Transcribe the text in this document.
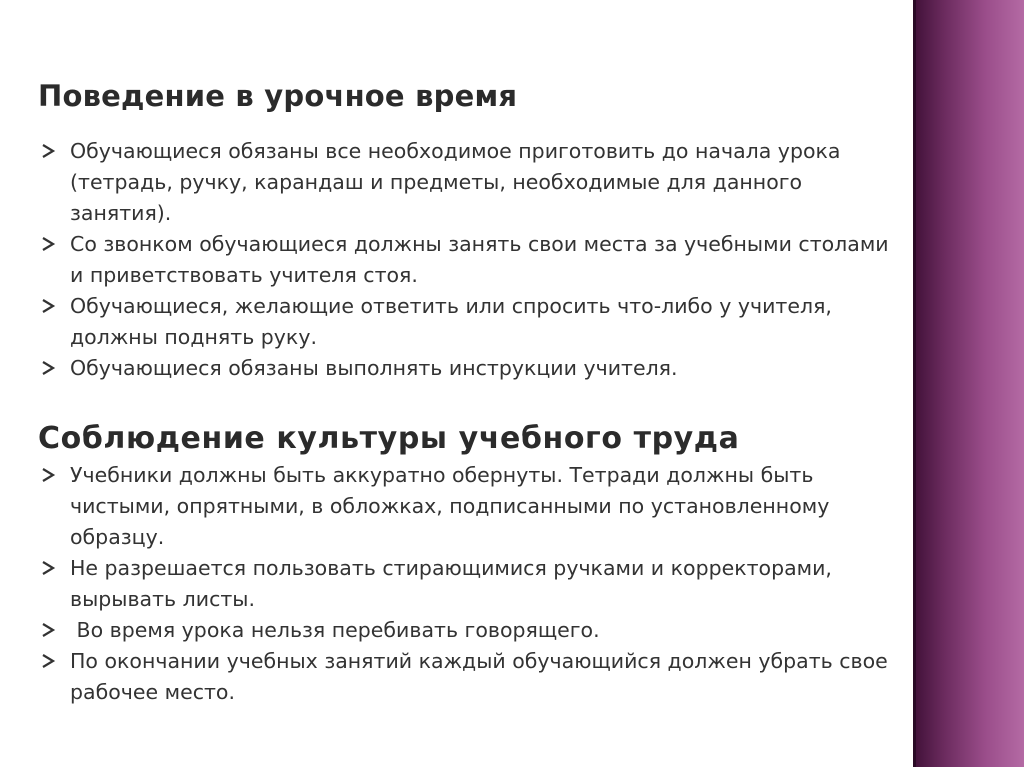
Поведение в урочное время
Обучающиеся обязаны все необходимое приготовить до начала урока (тетрадь, ручку, карандаш и предметы, необходимые для данного занятия).
Со звонком обучающиеся должны занять свои места за учебными столами и приветствовать учителя стоя.
Обучающиеся, желающие ответить или спросить что-либо у учителя, должны поднять руку.
Обучающиеся обязаны выполнять инструкции учителя.
Соблюдение культуры учебного труда
Учебники должны быть аккуратно обернуты. Тетради должны быть чистыми, опрятными, в обложках, подписанными по установленному образцу.
Не разрешается пользовать стирающимися ручками и корректорами, вырывать листы.
Во время урока нельзя перебивать говорящего.
По окончании учебных занятий каждый обучающийся должен убрать свое рабочее место.
